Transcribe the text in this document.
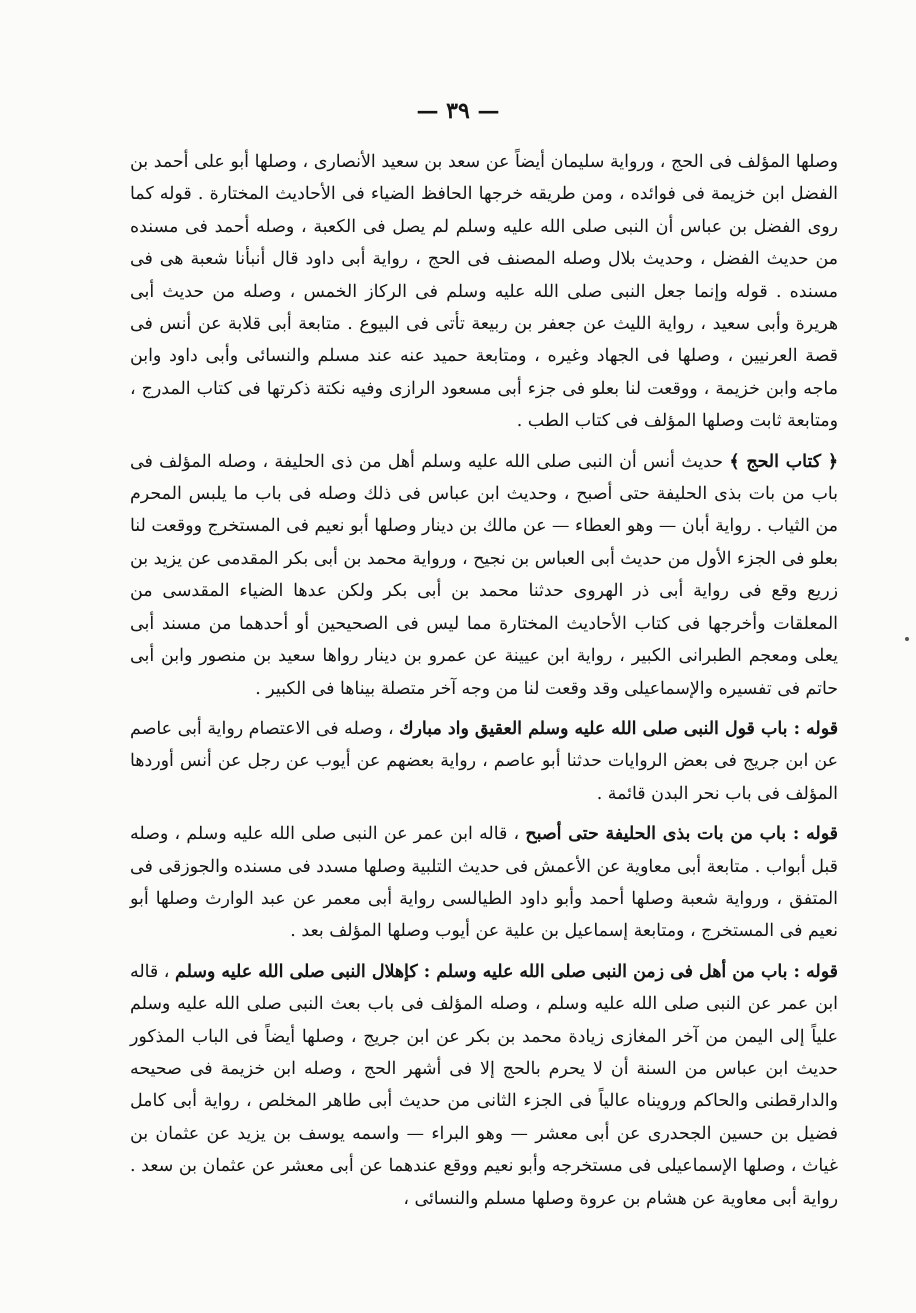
— ٣٩ —

وصلها المؤلف فى الحج ، ورواية سليمان أيضاً عن سعد بن سعيد الأنصارى ، وصلها أبو على أحمد بن الفضل ابن خزيمة فى فوائده ، ومن طريقه خرجها الحافظ الضياء فى الأحاديث المختارة . قوله كما روى الفضل بن عباس أن النبى صلى الله عليه وسلم لم يصل فى الكعبة ، وصله أحمد فى مسنده من حديث الفضل ، وحديث بلال وصله المصنف فى الحج ، رواية أبى داود قال أنبأنا شعبة هى فى مسنده . قوله وإنما جعل النبى صلى الله عليه وسلم فى الركاز الخمس ، وصله من حديث أبى هريرة وأبى سعيد ، رواية الليث عن جعفر بن ربيعة تأتى فى البيوع . متابعة أبى قلابة عن أنس فى قصة العرنيين ، وصلها فى الجهاد وغيره ، ومتابعة حميد عنه عند مسلم والنسائى وأبى داود وابن ماجه وابن خزيمة ، ووقعت لنا بعلو فى جزء أبى مسعود الرازى وفيه نكتة ذكرتها فى كتاب المدرج ، ومتابعة ثابت وصلها المؤلف فى كتاب الطب .

﴿ كتاب الحج ﴾ حديث أنس أن النبى صلى الله عليه وسلم أهل من ذى الحليفة ، وصله المؤلف فى باب من بات بذى الحليفة حتى أصبح ، وحديث ابن عباس فى ذلك وصله فى باب ما يلبس المحرم من الثياب . رواية أبان — وهو العطاء — عن مالك بن دينار وصلها أبو نعيم فى المستخرج ووقعت لنا بعلو فى الجزء الأول من حديث أبى العباس بن نجيح ، ورواية محمد بن أبى بكر المقدمى عن يزيد بن زريع وقع فى رواية أبى ذر الهروى حدثنا محمد بن أبى بكر ولكن عدها الضياء المقدسى من المعلقات وأخرجها فى كتاب الأحاديث المختارة مما ليس فى الصحيحين أو أحدهما من مسند أبى يعلى ومعجم الطبرانى الكبير ، رواية ابن عيينة عن عمرو بن دينار رواها سعيد بن منصور وابن أبى حاتم فى تفسيره والإسماعيلى وقد وقعت لنا من وجه آخر متصلة بيناها فى الكبير .

قوله : باب قول النبى صلى الله عليه وسلم العقيق واد مبارك ، وصله فى الاعتصام رواية أبى عاصم عن ابن جريج فى بعض الروايات حدثنا أبو عاصم ، رواية بعضهم عن أيوب عن رجل عن أنس أوردها المؤلف فى باب نحر البدن قائمة .

قوله : باب من بات بذى الحليفة حتى أصبح ، قاله ابن عمر عن النبى صلى الله عليه وسلم ، وصله قبل أبواب . متابعة أبى معاوية عن الأعمش فى حديث التلبية وصلها مسدد فى مسنده والجوزقى فى المتفق ، ورواية شعبة وصلها أحمد وأبو داود الطيالسى رواية أبى معمر عن عبد الوارث وصلها أبو نعيم فى المستخرج ، ومتابعة إسماعيل بن علية عن أيوب وصلها المؤلف بعد .

قوله : باب من أهل فى زمن النبى صلى الله عليه وسلم : كإهلال النبى صلى الله عليه وسلم ، قاله ابن عمر عن النبى صلى الله عليه وسلم ، وصله المؤلف فى باب بعث النبى صلى الله عليه وسلم علياً إلى اليمن من آخر المغازى زيادة محمد بن بكر عن ابن جريج ، وصلها أيضاً فى الباب المذكور حديث ابن عباس من السنة أن لا يحرم بالحج إلا فى أشهر الحج ، وصله ابن خزيمة فى صحيحه والدارقطنى والحاكم ورويناه عالياً فى الجزء الثانى من حديث أبى طاهر المخلص ، رواية أبى كامل فضيل بن حسين الجحدرى عن أبى معشر — وهو البراء — واسمه يوسف بن يزيد عن عثمان بن غياث ، وصلها الإسماعيلى فى مستخرجه وأبو نعيم ووقع عندهما عن أبى معشر عن عثمان بن سعد . رواية أبى معاوية عن هشام بن عروة وصلها مسلم والنسائى ،
